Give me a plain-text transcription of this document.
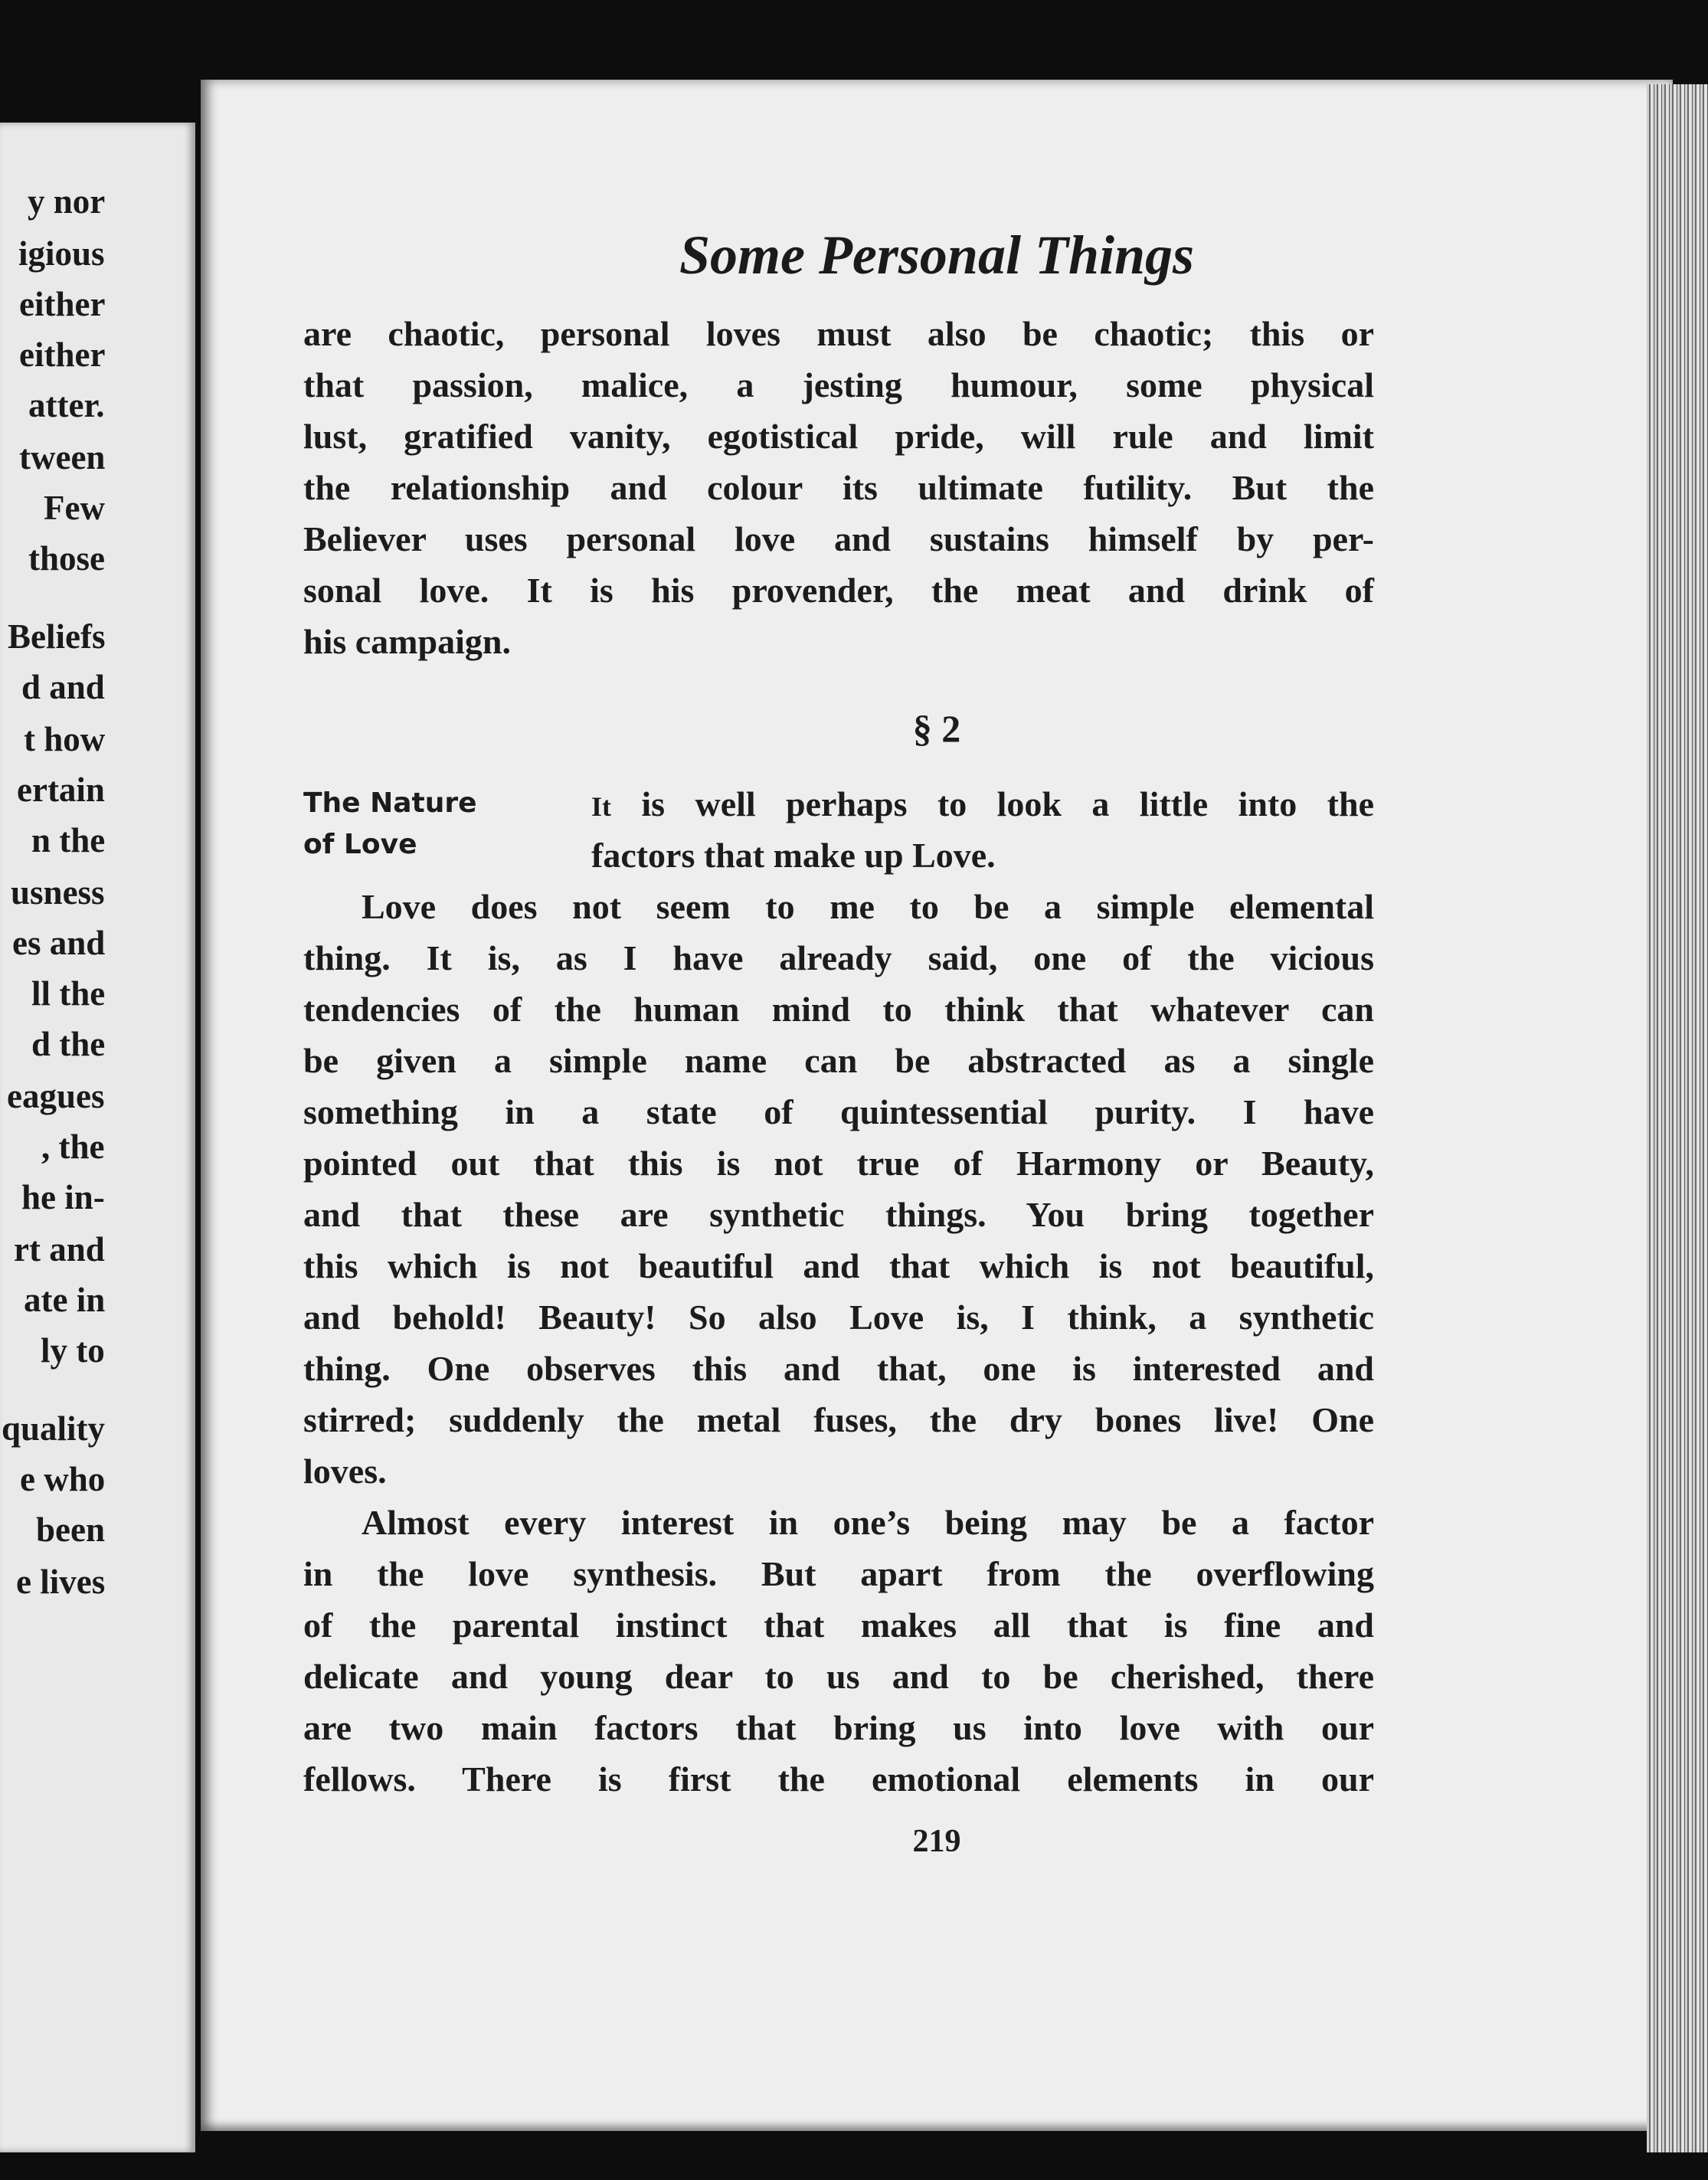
y nor
igious
either
either
atter.
tween
Few
those
Beliefs
d and
t how
ertain
n the
usness
es and
ll the
d the
eagues
, the
he in-
rt and
ate in
ly to
quality
e who
been
e lives
Some Personal Things
are chaotic, personal loves must also be chaotic; this or
that passion, malice, a jesting humour, some physical
lust, gratified vanity, egotistical pride, will rule and limit
the relationship and colour its ultimate futility. But the
Believer uses personal love and sustains himself by per-
sonal love. It is his provender, the meat and drink of
his campaign.
§ 2
The Nature
of Love
It is well perhaps to look a little into the
factors that make up Love.
Love does not seem to me to be a simple elemental
thing. It is, as I have already said, one of the vicious
tendencies of the human mind to think that whatever can
be given a simple name can be abstracted as a single
something in a state of quintessential purity. I have
pointed out that this is not true of Harmony or Beauty,
and that these are synthetic things. You bring together
this which is not beautiful and that which is not beautiful,
and behold! Beauty! So also Love is, I think, a synthetic
thing. One observes this and that, one is interested and
stirred; suddenly the metal fuses, the dry bones live! One
loves.
Almost every interest in one’s being may be a factor
in the love synthesis. But apart from the overflowing
of the parental instinct that makes all that is fine and
delicate and young dear to us and to be cherished, there
are two main factors that bring us into love with our
fellows. There is first the emotional elements in our
219
